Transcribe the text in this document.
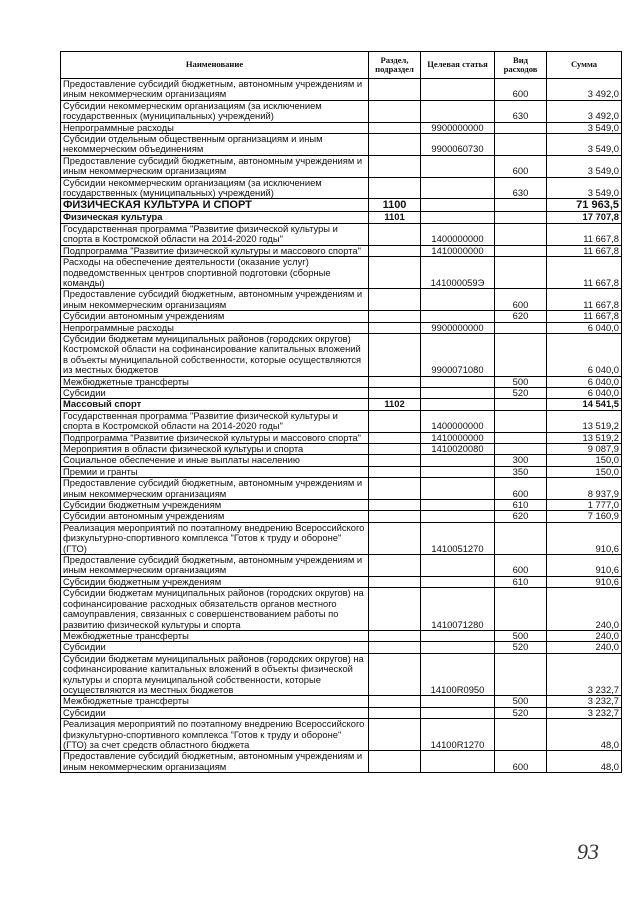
Наименование	Раздел, подраздел	Целевая статья	Вид расходов	Сумма
Предоставление субсидий бюджетным, автономным учреждениям и иным некоммерческим организациям			600	3 492,0
Субсидии некоммерческим организациям (за исключением государственных (муниципальных) учреждений)			630	3 492,0
Непрограммные расходы		9900000000		3 549,0
Субсидии отдельным общественным организациям и иным некоммерческим объединениям		9900060730		3 549,0
Предоставление субсидий бюджетным, автономным учреждениям и иным некоммерческим организациям			600	3 549,0
Субсидии некоммерческим организациям (за исключением государственных (муниципальных) учреждений)			630	3 549,0
ФИЗИЧЕСКАЯ КУЛЬТУРА И СПОРТ	1100			71 963,5
Физическая культура	1101			17 707,8
Государственная программа "Развитие физической культуры и спорта в Костромской области на 2014-2020 годы"		1400000000		11 667,8
Подпрограмма "Развитие физической культуры и массового спорта"		1410000000		11 667,8
Расходы на обеспечение деятельности (оказание услуг) подведомственных центров спортивной подготовки (сборные команды)		141000059Э		11 667,8
Предоставление субсидий бюджетным, автономным учреждениям и иным некоммерческим организациям			600	11 667,8
Субсидии автономным учреждениям			620	11 667,8
Непрограммные расходы		9900000000		6 040,0
Субсидии бюджетам муниципальных районов (городских округов) Костромской области на софинансирование капитальных вложений в объекты муниципальной собственности, которые осуществляются из местных бюджетов		9900071080		6 040,0
Межбюджетные трансферты			500	6 040,0
Субсидии			520	6 040,0
Массовый спорт	1102			14 541,5
Государственная программа "Развитие физической культуры и спорта в Костромской области на 2014-2020 годы"		1400000000		13 519,2
Подпрограмма "Развитие физической культуры и массового спорта"		1410000000		13 519,2
Мероприятия в области физической культуры и спорта		1410020080		9 087,9
Социальное обеспечение и иные выплаты населению			300	150,0
Премии и гранты			350	150,0
Предоставление субсидий бюджетным, автономным учреждениям и иным некоммерческим организациям			600	8 937,9
Субсидии бюджетным учреждениям			610	1 777,0
Субсидии автономным учреждениям			620	7 160,9
Реализация мероприятий по поэтапному внедрению Всероссийского физкультурно-спортивного комплекса "Готов к труду и обороне" (ГТО)		1410051270		910,6
Предоставление субсидий бюджетным, автономным учреждениям и иным некоммерческим организациям			600	910,6
Субсидии бюджетным учреждениям			610	910,6
Субсидии бюджетам муниципальных районов (городских округов) на софинансирование расходных обязательств органов местного самоуправления, связанных с совершенствованием работы по развитию физической культуры и спорта		1410071280		240,0
Межбюджетные трансферты			500	240,0
Субсидии			520	240,0
Субсидии бюджетам муниципальных районов (городских округов) на софинансирование капитальных вложений в объекты физической культуры и спорта муниципальной собственности, которые осуществляются из местных бюджетов		14100R0950		3 232,7
Межбюджетные трансферты			500	3 232,7
Субсидии			520	3 232,7
Реализация мероприятий по поэтапному внедрению Всероссийского физкультурно-спортивного комплекса "Готов к труду и обороне" (ГТО) за счет средств областного бюджета		14100R1270		48,0
Предоставление субсидий бюджетным, автономным учреждениям и иным некоммерческим организациям			600	48,0
93
